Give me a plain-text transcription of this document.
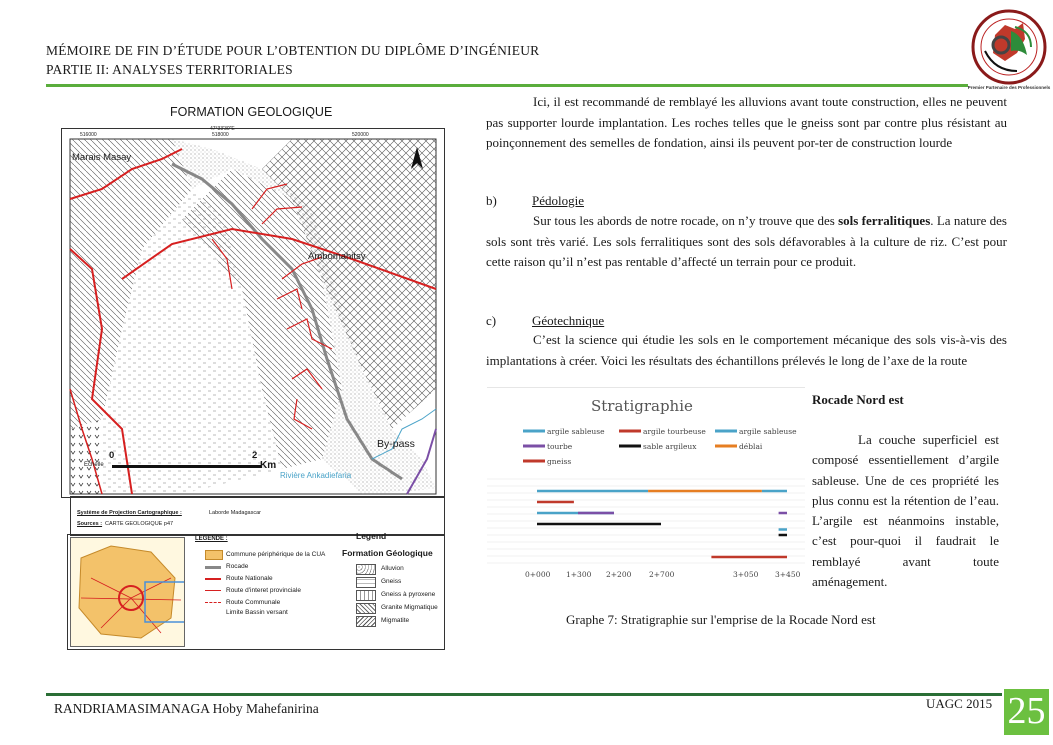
MÉMOIRE DE FIN D’ÉTUDE POUR L’OBTENTION DU DIPLÔME D’INGÉNIEUR
PARTIE II: ANALYSES TERRITORIALES
Premier Partenaire des Professionnels
FORMATION GEOLOGIQUE
Marais Masay
Ambomahitsy
By-pass
Rivière Ankadiefaria
47°33'30"E
516000	518000	520000
0	2
Km
Echelle
Système de Projection Cartographique :	Laborde Madagascar
Sources : CARTE GEOLOGIQUE p47
LEGENDE :	Legend
Formation Géologique
Commune périphérique de la CUA
Rocade
Route Nationale
Route d'interet provinciale
Route Communale
Limite Bassin versant
Alluvion
Gneiss
Gneiss à pyroxene
Granite Migmatique
Migmatite
Ici, il est recommandé de remblayé les alluvions avant toute construction, elles ne peuvent pas supporter lourde implantation. Les roches telles que le gneiss sont par contre plus résistant au poinçonnement des semelles de fondation, ainsi ils peuvent por-ter de construction lourde
b)	Pédologie
Sur tous les abords de notre rocade, on n’y trouve que des sols ferralitiques. La nature des sols sont très varié. Les sols ferralitiques sont des sols défavorables à la culture de riz. C’est pour cette raison qu’il n’est pas rentable d’affecté un terrain pour ce produit.
c)	Géotechnique
C’est la science qui étudie les sols en le comportement mécanique des sols vis-à-vis des implantations à créer. Voici les résultats des échantillons prélevés le long de l’axe de la route
Stratigraphie
argile sableuse	argile tourbeuse	argile sableuse
tourbe	sable argileux	déblai
gneiss
0+000 1+300 2+200 2+700	3+050 3+450
Rocade Nord est
La couche superficiel est composé essentiellement d’argile sableuse. Une de ces propriété les plus connu est la rétention de l’eau. L’argile est néanmoins instable, c’est pour-quoi il faudrait le remblayé avant toute aménagement.
Graphe 7: Stratigraphie sur l'emprise de la Rocade Nord est
RANDRIAMASIMANAGA Hoby Mahefanirina	UAGC 2015 25
